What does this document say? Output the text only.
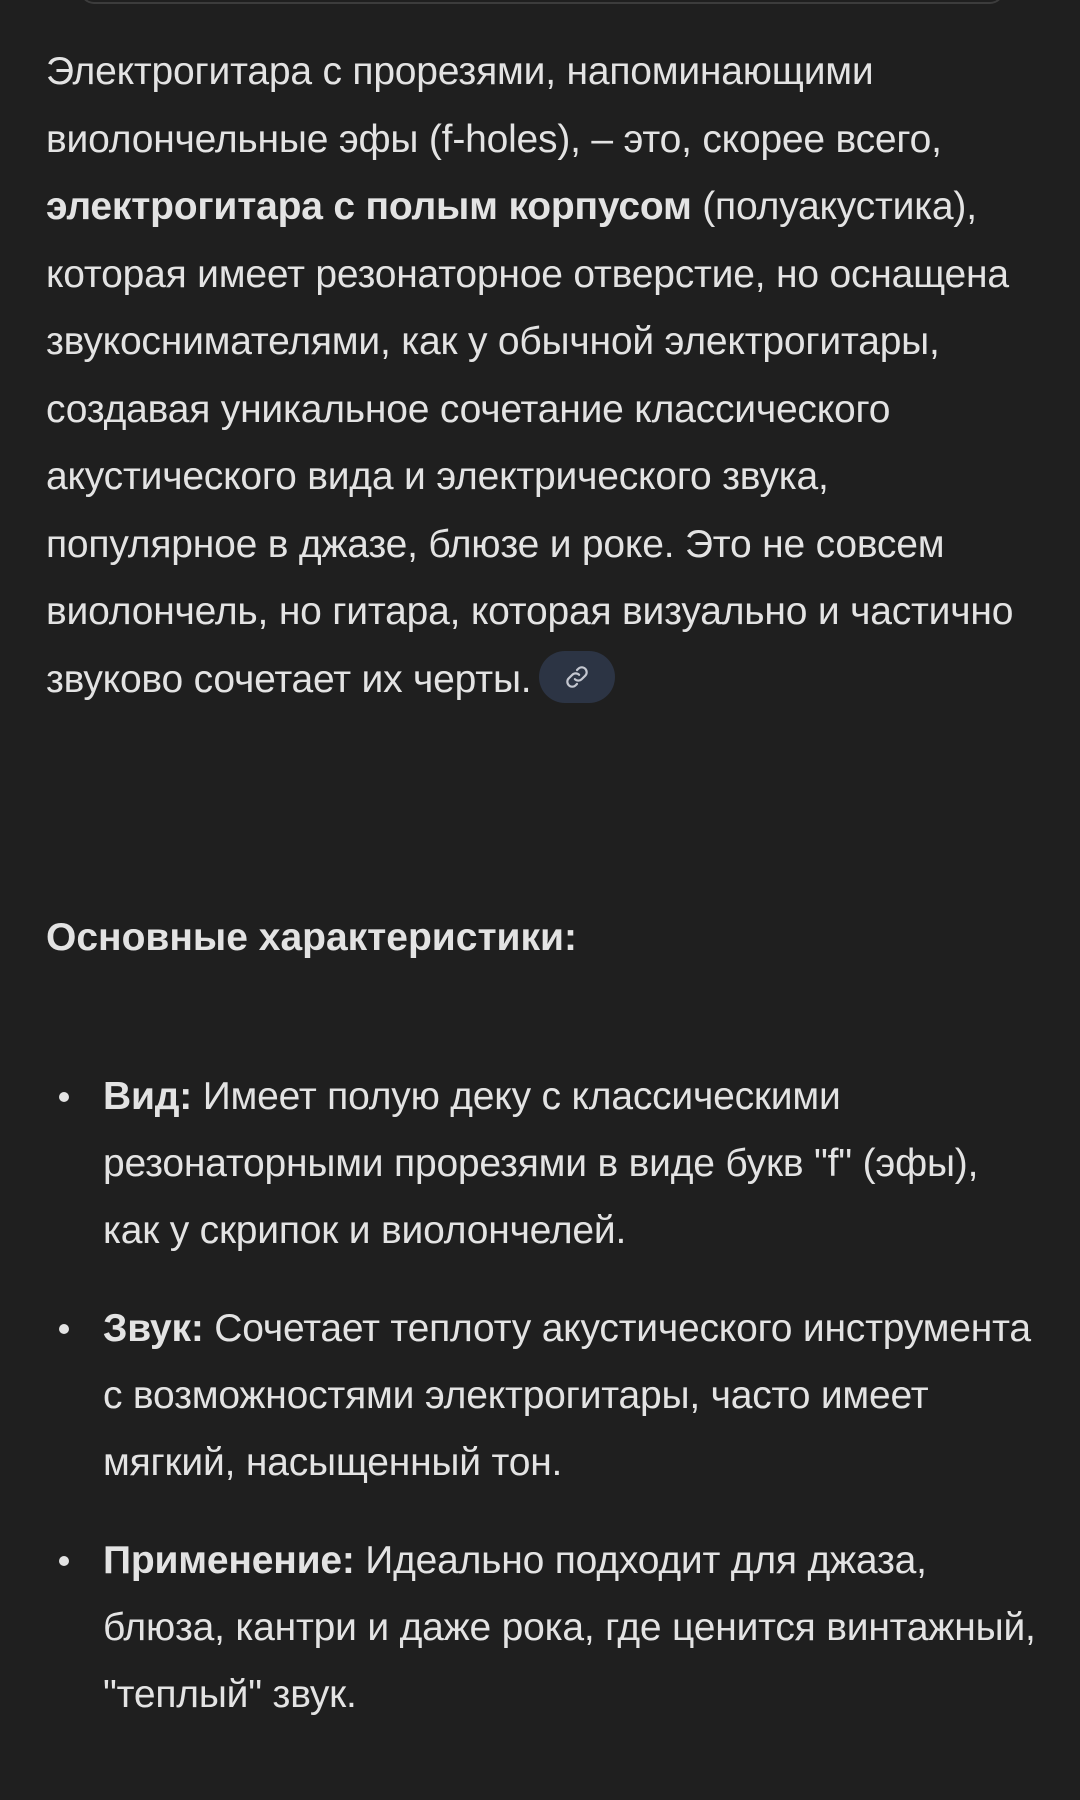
Электрогитара с прорезями, напоминающими виолончельные эфы (f-holes), – это, скорее всего, электрогитара с полым корпусом (полуакустика), которая имеет резонаторное отверстие, но оснащена звукоснимателями, как у обычной электрогитары, создавая уникальное сочетание классического акустического вида и электрического звука, популярное в джазе, блюзе и роке. Это не совсем виолончель, но гитара, которая визуально и частично звуково сочетает их черты.

Основные характеристики:
Вид: Имеет полую деку с классическими резонаторными прорезями в виде букв "f" (эфы), как у скрипок и виолончелей.
Звук: Сочетает теплоту акустического инструмента с возможностями электрогитары, часто имеет мягкий, насыщенный тон.
Применение: Идеально подходит для джаза, блюза, кантри и даже рока, где ценится винтажный, "теплый" звук.
